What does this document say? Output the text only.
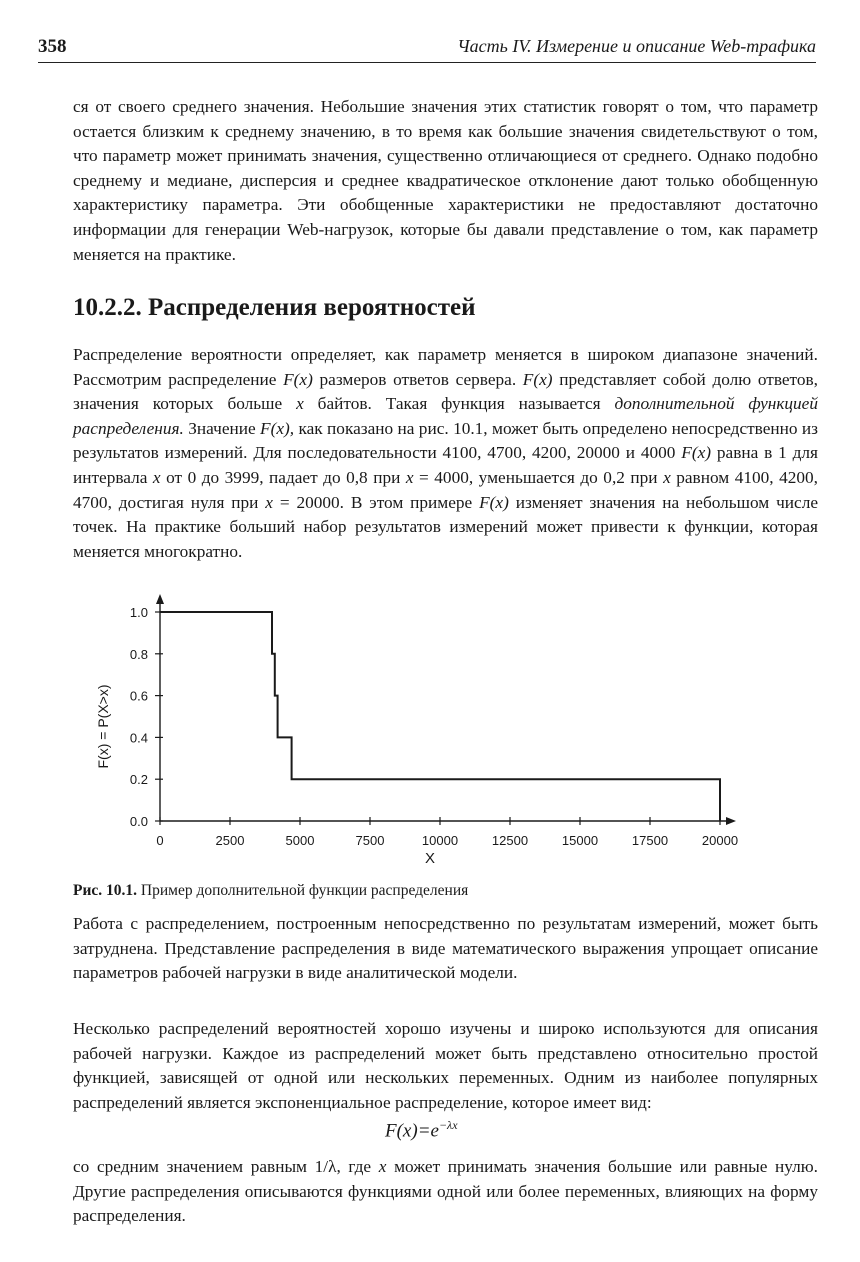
358	Часть IV. Измерение и описание Web-трафика

ся от своего среднего значения. Небольшие значения этих статистик говорят о том, что параметр остается близким к среднему значению, в то время как большие значения свидетельствуют о том, что параметр может принимать значения, существенно отличающиеся от среднего. Однако подобно среднему и медиане, дисперсия и среднее квадратическое отклонение дают только обобщенную характеристику параметра. Эти обобщенные характеристики не предоставляют достаточно информации для генерации Web-нагрузок, которые бы давали представление о том, как параметр меняется на практике.

10.2.2. Распределения вероятностей

Распределение вероятности определяет, как параметр меняется в широком диапазоне значений. Рассмотрим распределение F(x) размеров ответов сервера. F(x) представляет собой долю ответов, значения которых больше x байтов. Такая функция называется дополнительной функцией распределения. Значение F(x), как показано на рис. 10.1, может быть определено непосредственно из результатов измерений. Для последовательности 4100, 4700, 4200, 20000 и 4000 F(x) равна в 1 для интервала x от 0 до 3999, падает до 0,8 при x = 4000, уменьшается до 0,2 при x равном 4100, 4200, 4700, достигая нуля при x = 20000. В этом примере F(x) изменяет значения на небольшом числе точек. На практике больший набор результатов измерений может привести к функции, которая меняется многократно.

0	2500	5000	7500	10000	12500	15000	17500	20000
0.0
0.2
0.4
0.6
0.8
1.0
X
F(x) = P(X>x)
Рис. 10.1. Пример дополнительной функции распределения

Работа с распределением, построенным непосредственно по результатам измерений, может быть затруднена. Представление распределения в виде математического выражения упрощает описание параметров рабочей нагрузки в виде аналитической модели.

Несколько распределений вероятностей хорошо изучены и широко используются для описания рабочей нагрузки. Каждое из распределений может быть представлено относительно простой функцией, зависящей от одной или нескольких переменных. Одним из наиболее популярных распределений является экспоненциальное распределение, которое имеет вид:

$F(x)=e^{-\lambda x}$

со средним значением равным 1/λ, где x может принимать значения большие или равные нулю. Другие распределения описываются функциями одной или более переменных, влияющих на форму распределения.
